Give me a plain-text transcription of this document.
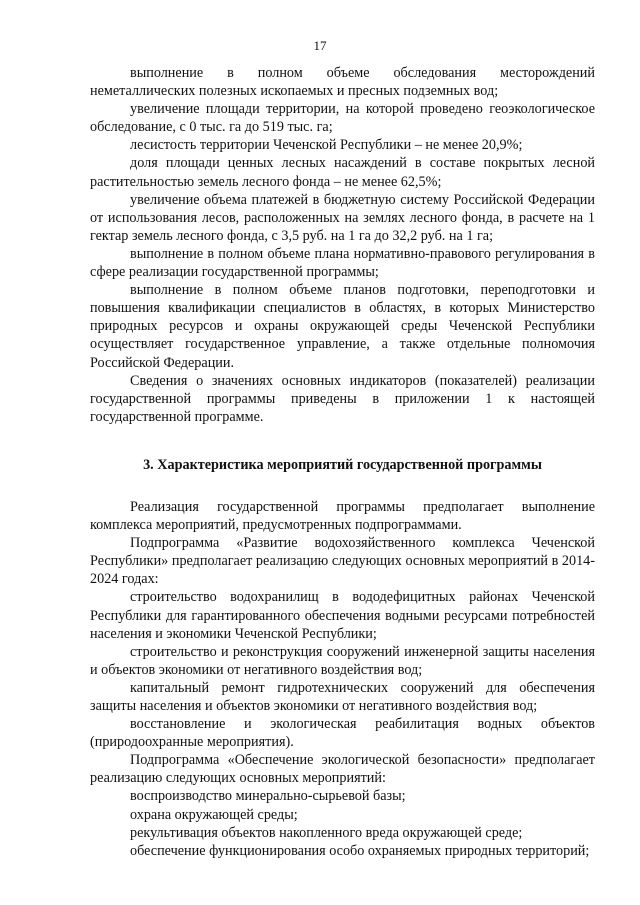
17

выполнение в полном объеме обследования месторождений неметаллических полезных ископаемых и пресных подземных вод;

увеличение площади территории, на которой проведено геоэкологическое обследование, с 0 тыс. га до 519 тыс. га;

лесистость территории Чеченской Республики – не менее 20,9%;

доля площади ценных лесных насаждений в составе покрытых лесной растительностью земель лесного фонда – не менее 62,5%;

увеличение объема платежей в бюджетную систему Российской Федерации от использования лесов, расположенных на землях лесного фонда, в расчете на 1 гектар земель лесного фонда, с 3,5 руб. на 1 га до 32,2 руб. на 1 га;

выполнение в полном объеме плана нормативно-правового регулирования в сфере реализации государственной программы;

выполнение в полном объеме планов подготовки, переподготовки и повышения квалификации специалистов в областях, в которых Министерство природных ресурсов и охраны окружающей среды Чеченской Республики осуществляет государственное управление, а также отдельные полномочия Российской Федерации.

Сведения о значениях основных индикаторов (показателей) реализации государственной программы приведены в приложении 1 к настоящей государственной программе.

3. Характеристика мероприятий государственной программы

Реализация государственной программы предполагает выполнение комплекса мероприятий, предусмотренных подпрограммами.

Подпрограмма «Развитие водохозяйственного комплекса Чеченской Республики» предполагает реализацию следующих основных мероприятий в 2014-2024 годах:

строительство водохранилищ в вододефицитных районах Чеченской Республики для гарантированного обеспечения водными ресурсами потребностей населения и экономики Чеченской Республики;

строительство и реконструкция сооружений инженерной защиты населения и объектов экономики от негативного воздействия вод;

капитальный ремонт гидротехнических сооружений для обеспечения защиты населения и объектов экономики от негативного воздействия вод;

восстановление и экологическая реабилитация водных объектов (природоохранные мероприятия).

Подпрограмма «Обеспечение экологической безопасности» предполагает реализацию следующих основных мероприятий:

воспроизводство минерально-сырьевой базы;

охрана окружающей среды;

рекультивация объектов накопленного вреда окружающей среде;

обеспечение функционирования особо охраняемых природных территорий;
